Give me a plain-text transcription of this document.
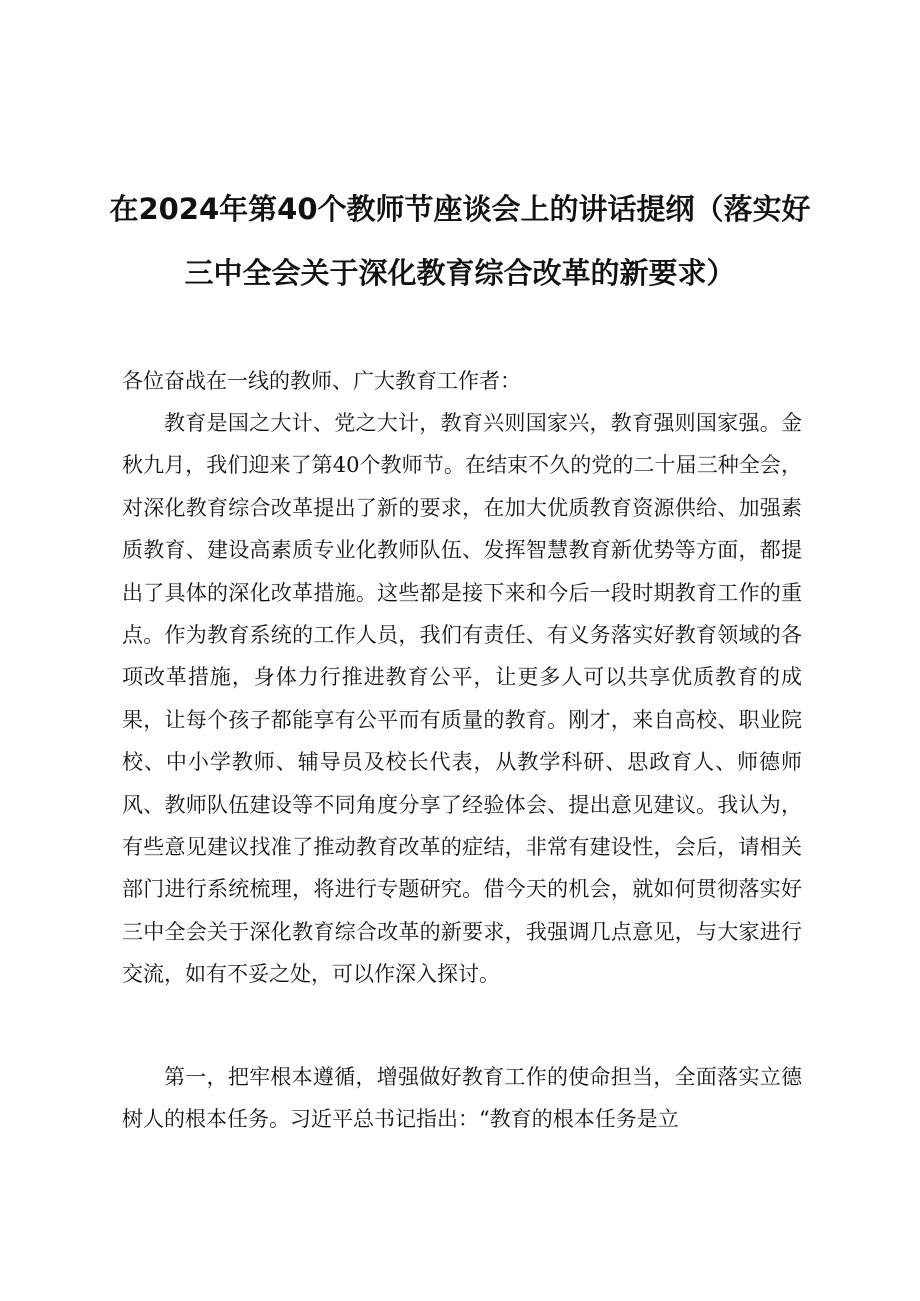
在2024年第40个教师节座谈会上的讲话提纲（落实好
三中全会关于深化教育综合改革的新要求）
各位奋战在一线的教师、广大教育工作者：

教育是国之大计、党之大计，教育兴则国家兴，教育强则国家强。金秋九月，我们迎来了第40个教师节。在结束不久的党的二十届三种全会，对深化教育综合改革提出了新的要求，在加大优质教育资源供给、加强素质教育、建设高素质专业化教师队伍、发挥智慧教育新优势等方面，都提出了具体的深化改革措施。这些都是接下来和今后一段时期教育工作的重点。作为教育系统的工作人员，我们有责任、有义务落实好教育领域的各项改革措施，身体力行推进教育公平，让更多人可以共享优质教育的成果，让每个孩子都能享有公平而有质量的教育。刚才，来自高校、职业院校、中小学教师、辅导员及校长代表，从教学科研、思政育人、师德师风、教师队伍建设等不同角度分享了经验体会、提出意见建议。我认为，有些意见建议找准了推动教育改革的症结，非常有建设性，会后，请相关部门进行系统梳理，将进行专题研究。借今天的机会，就如何贯彻落实好三中全会关于深化教育综合改革的新要求，我强调几点意见，与大家进行交流，如有不妥之处，可以作深入探讨。

第一，把牢根本遵循，增强做好教育工作的使命担当，全面落实立德树人的根本任务。习近平总书记指出：“教育的根本任务是立
